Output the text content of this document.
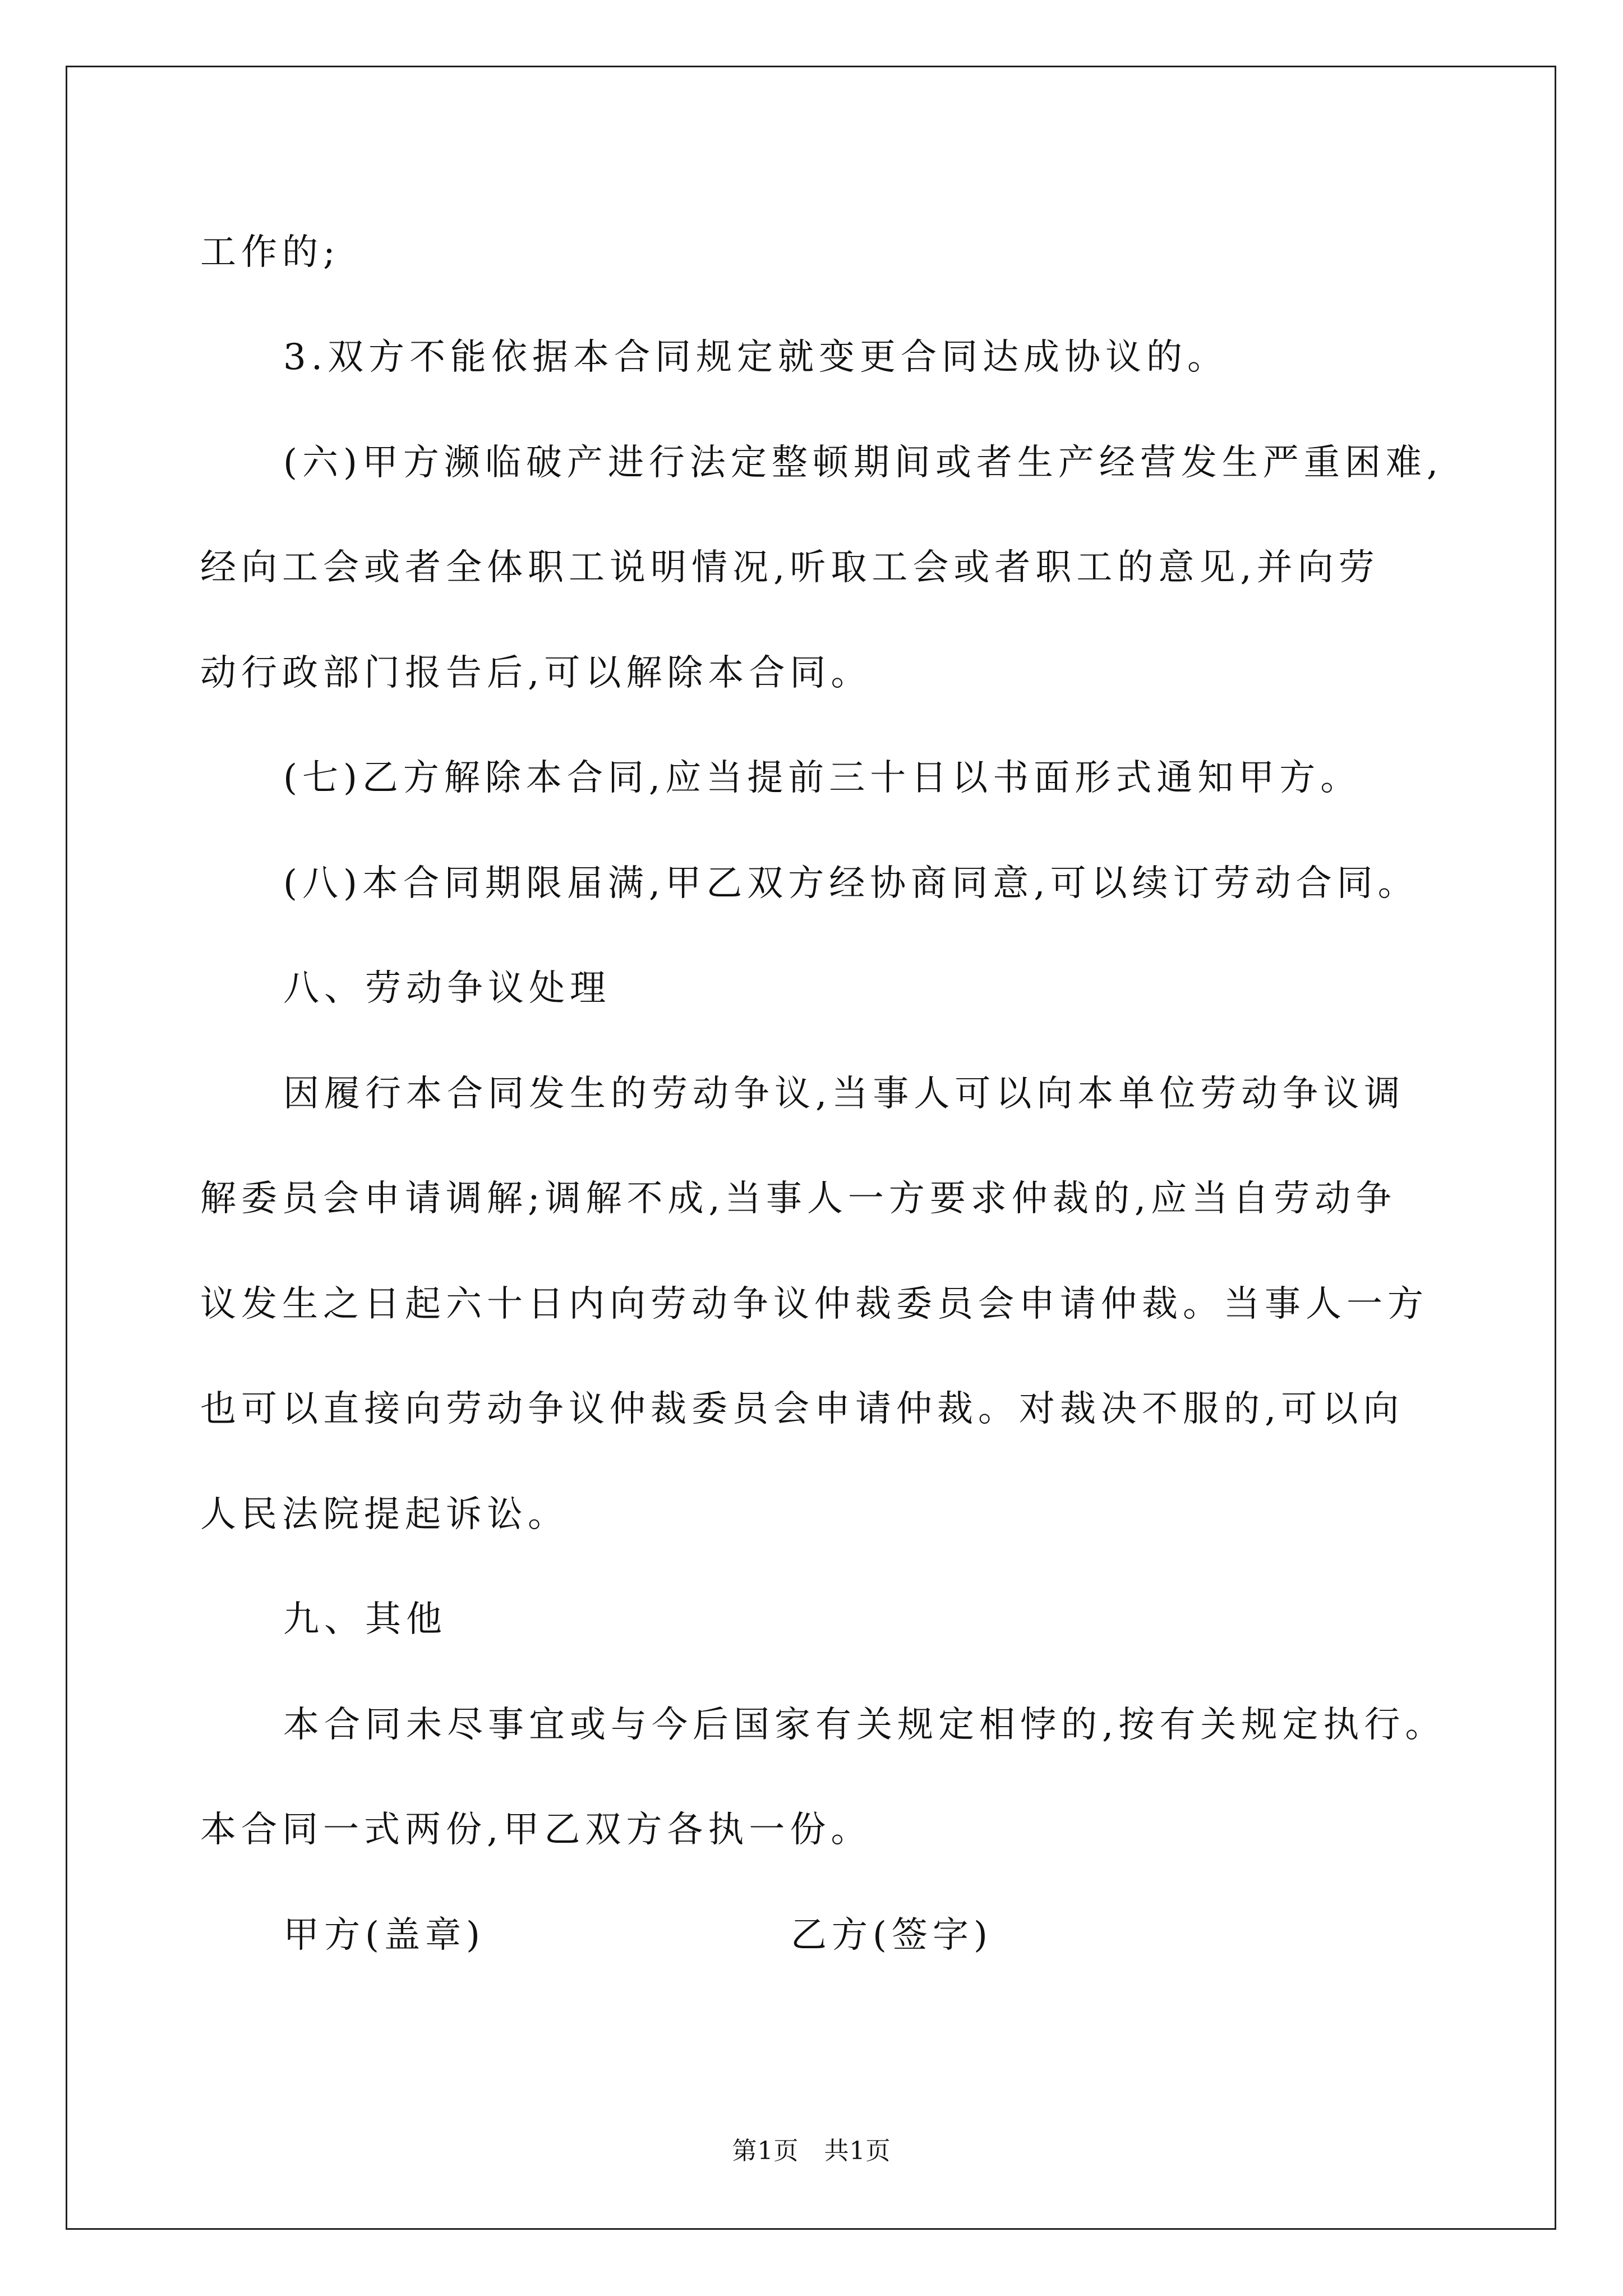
工作的;
3.双方不能依据本合同规定就变更合同达成协议的。
(六)甲方濒临破产进行法定整顿期间或者生产经营发生严重困难,
经向工会或者全体职工说明情况,听取工会或者职工的意见,并向劳
动行政部门报告后,可以解除本合同。
(七)乙方解除本合同,应当提前三十日以书面形式通知甲方。
(八)本合同期限届满,甲乙双方经协商同意,可以续订劳动合同。
八、劳动争议处理
因履行本合同发生的劳动争议,当事人可以向本单位劳动争议调
解委员会申请调解;调解不成,当事人一方要求仲裁的,应当自劳动争
议发生之日起六十日内向劳动争议仲裁委员会申请仲裁。当事人一方
也可以直接向劳动争议仲裁委员会申请仲裁。对裁决不服的,可以向
人民法院提起诉讼。
九、其他
本合同未尽事宜或与今后国家有关规定相悖的,按有关规定执行。
本合同一式两份,甲乙双方各执一份。
甲方(盖章)	乙方(签字)
第1页   共1页
